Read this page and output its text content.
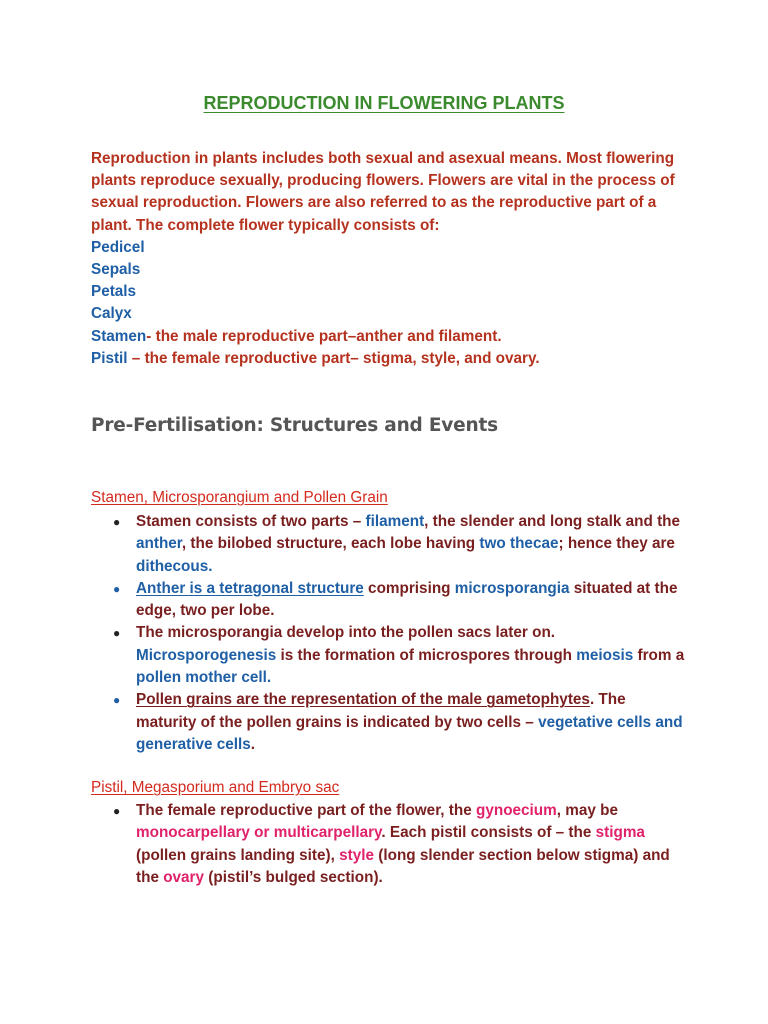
REPRODUCTION IN FLOWERING PLANTS
Reproduction in plants includes both sexual and asexual means. Most flowering plants reproduce sexually, producing flowers. Flowers are vital in the process of sexual reproduction. Flowers are also referred to as the reproductive part of a plant. The complete flower typically consists of:
Pedicel
Sepals
Petals
Calyx
Stamen- the male reproductive part–anther and filament.
Pistil – the female reproductive part– stigma, style, and ovary.
Pre-Fertilisation: Structures and Events
Stamen, Microsporangium and Pollen Grain
● Stamen consists of two parts – filament, the slender and long stalk and the anther, the bilobed structure, each lobe having two thecae; hence they are dithecous.
● Anther is a tetragonal structure comprising microsporangia situated at the edge, two per lobe.
● The microsporangia develop into the pollen sacs later on. Microsporogenesis is the formation of microspores through meiosis from a pollen mother cell.
● Pollen grains are the representation of the male gametophytes. The maturity of the pollen grains is indicated by two cells – vegetative cells and generative cells.
Pistil, Megasporium and Embryo sac
● The female reproductive part of the flower, the gynoecium, may be monocarpellary or multicarpellary. Each pistil consists of – the stigma (pollen grains landing site), style (long slender section below stigma) and the ovary (pistil’s bulged section).
